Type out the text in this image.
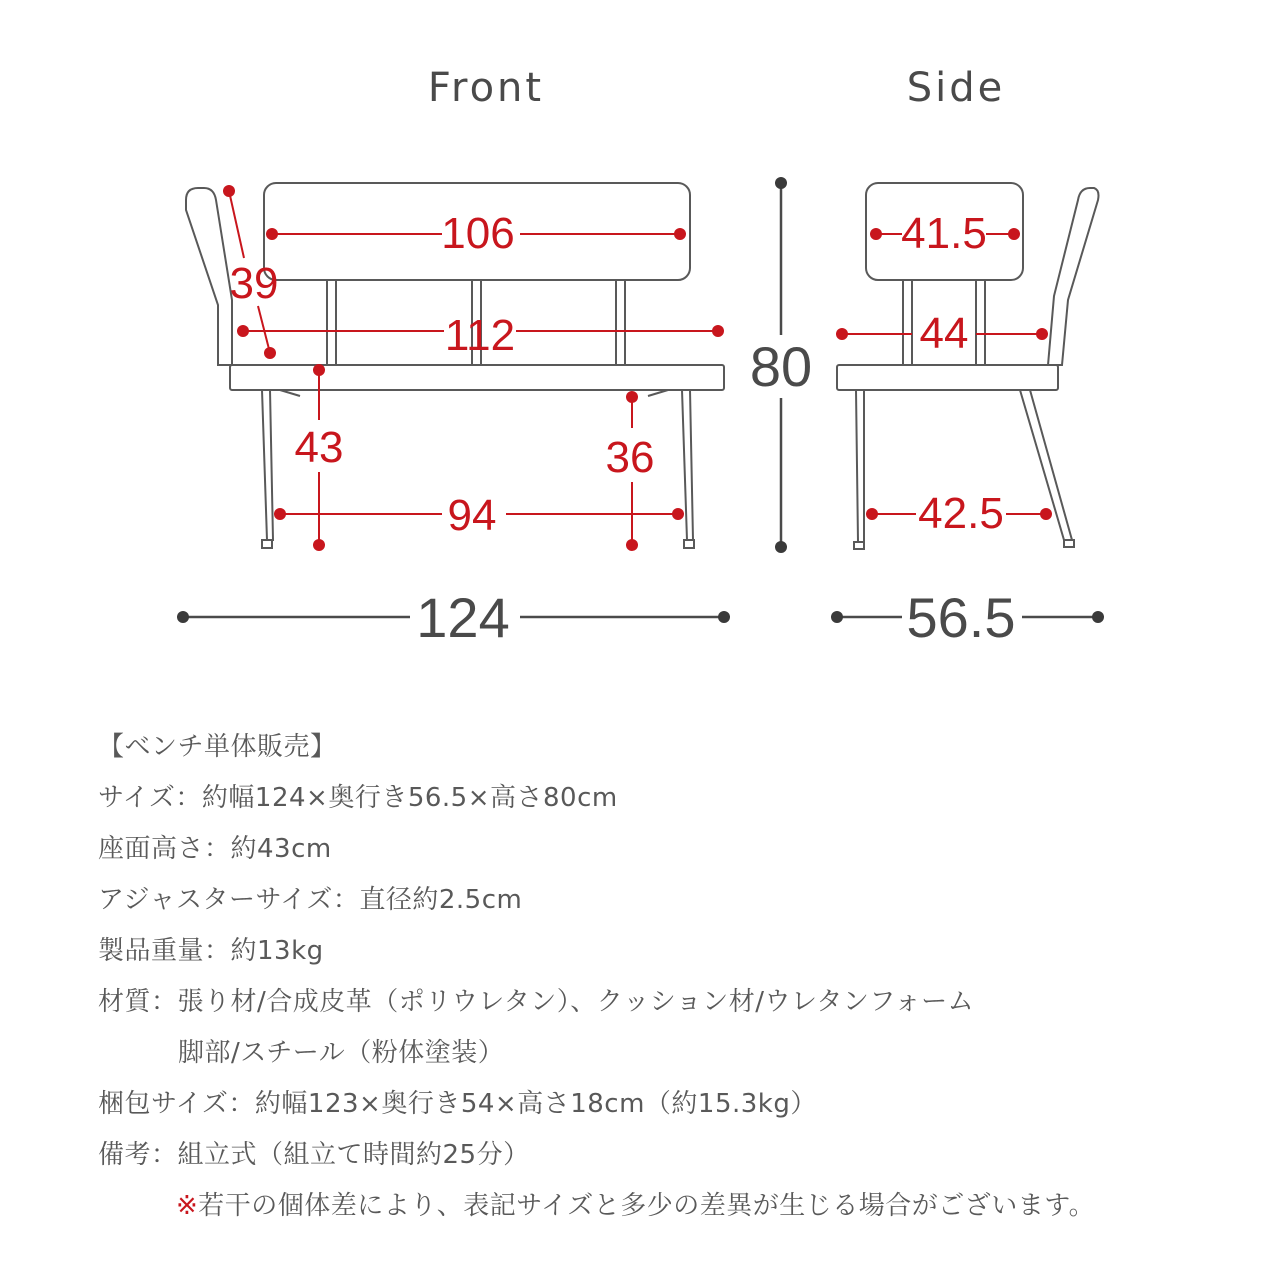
Front	Side
106
39
112
43	36
94
124
80
41.5
44
42.5
56.5
【ベンチ単体販売】
サイズ：約幅124×奥行き56.5×高さ80cm
座面高さ：約43cm
アジャスターサイズ：直径約2.5cm
製品重量：約13kg
材質：張り材/合成皮革（ポリウレタン）、クッション材/ウレタンフォーム
脚部/スチール（粉体塗装）
梱包サイズ：約幅123×奥行き54×高さ18cm（約15.3kg）
備考：組立式（組立て時間約25分）
※若干の個体差により、表記サイズと多少の差異が生じる場合がございます。
